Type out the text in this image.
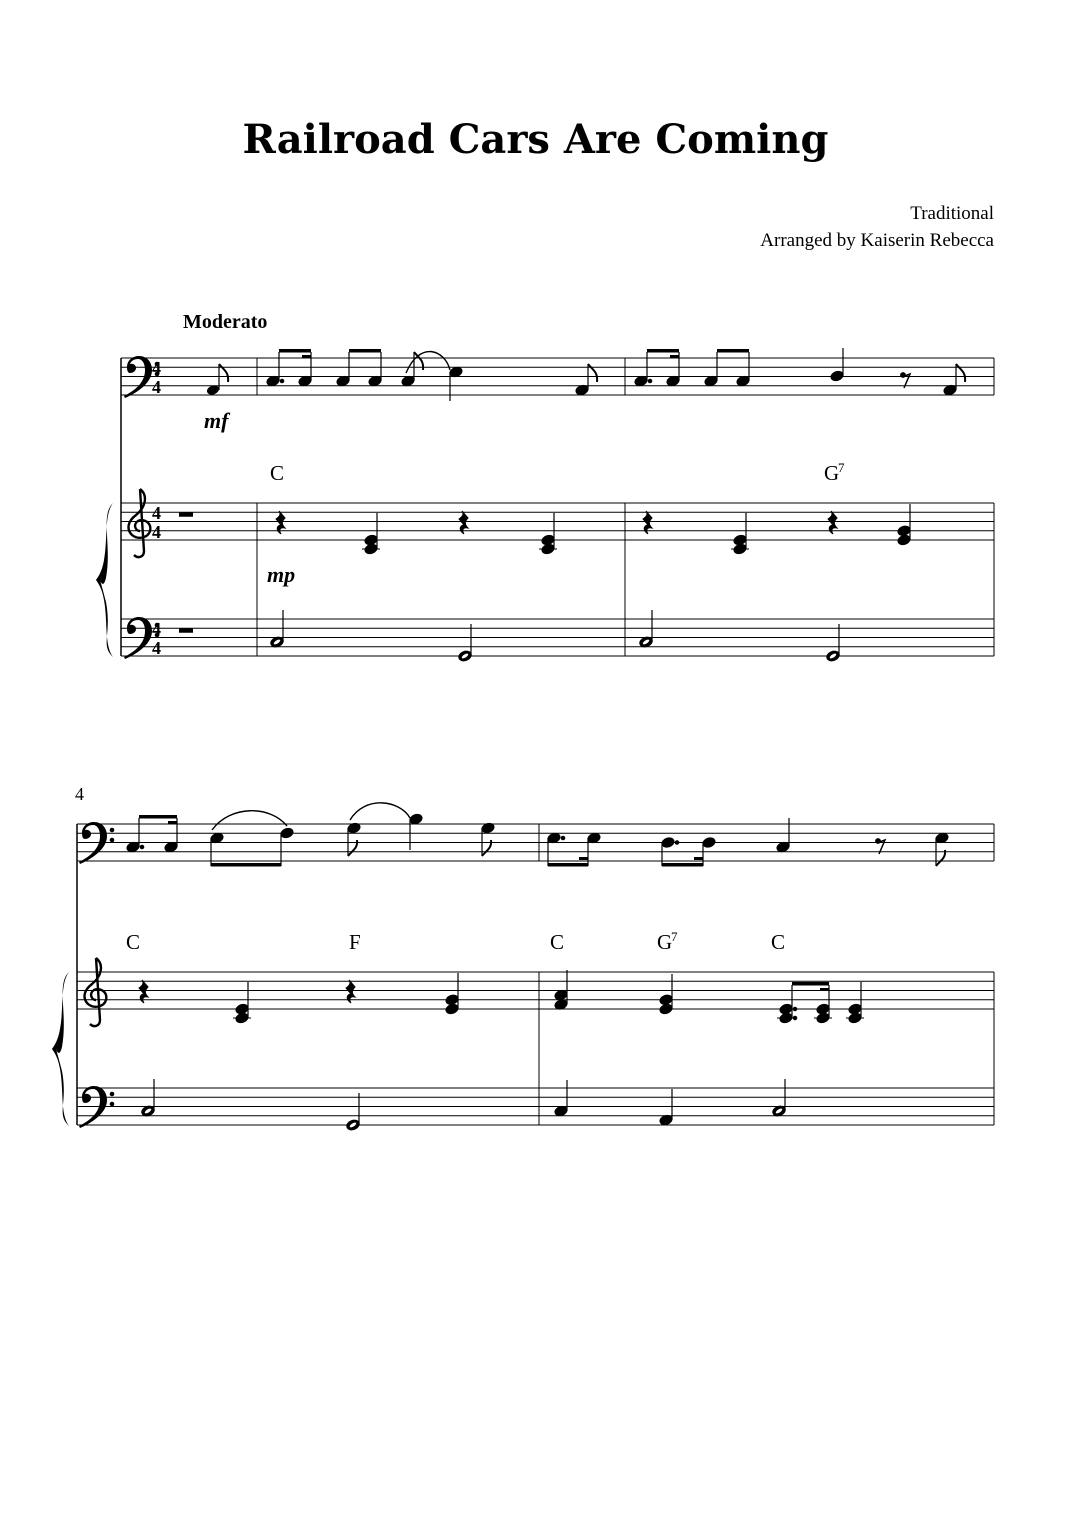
Railroad Cars Are Coming
Traditional
Arranged by Kaiserin Rebecca
Moderato
4
4
4
4
4
4
mf
C	G
7
mp
4
C	F	C	G
7	C
